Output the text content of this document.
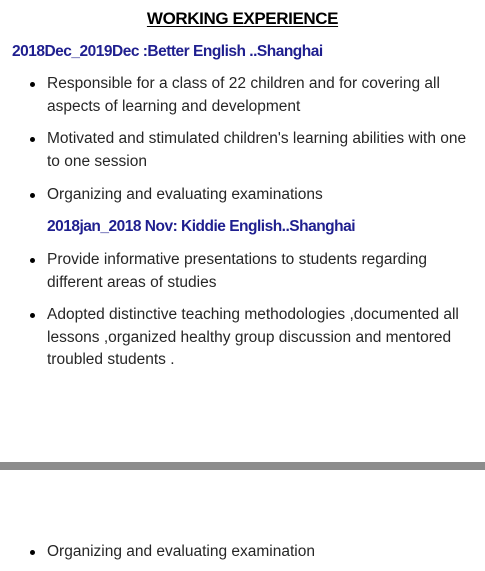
WORKING EXPERIENCE
2018Dec_2019Dec :Better English ..Shanghai
Responsible for a class of 22 children and for covering all aspects of learning and development
Motivated and stimulated children's learning abilities with one to one session
Organizing and evaluating examinations
2018jan_2018 Nov: Kiddie English..Shanghai
Provide informative presentations to students regarding different areas of studies
Adopted distinctive teaching methodologies ,documented all lessons ,organized healthy group discussion and mentored troubled students .
Organizing and evaluating examination
